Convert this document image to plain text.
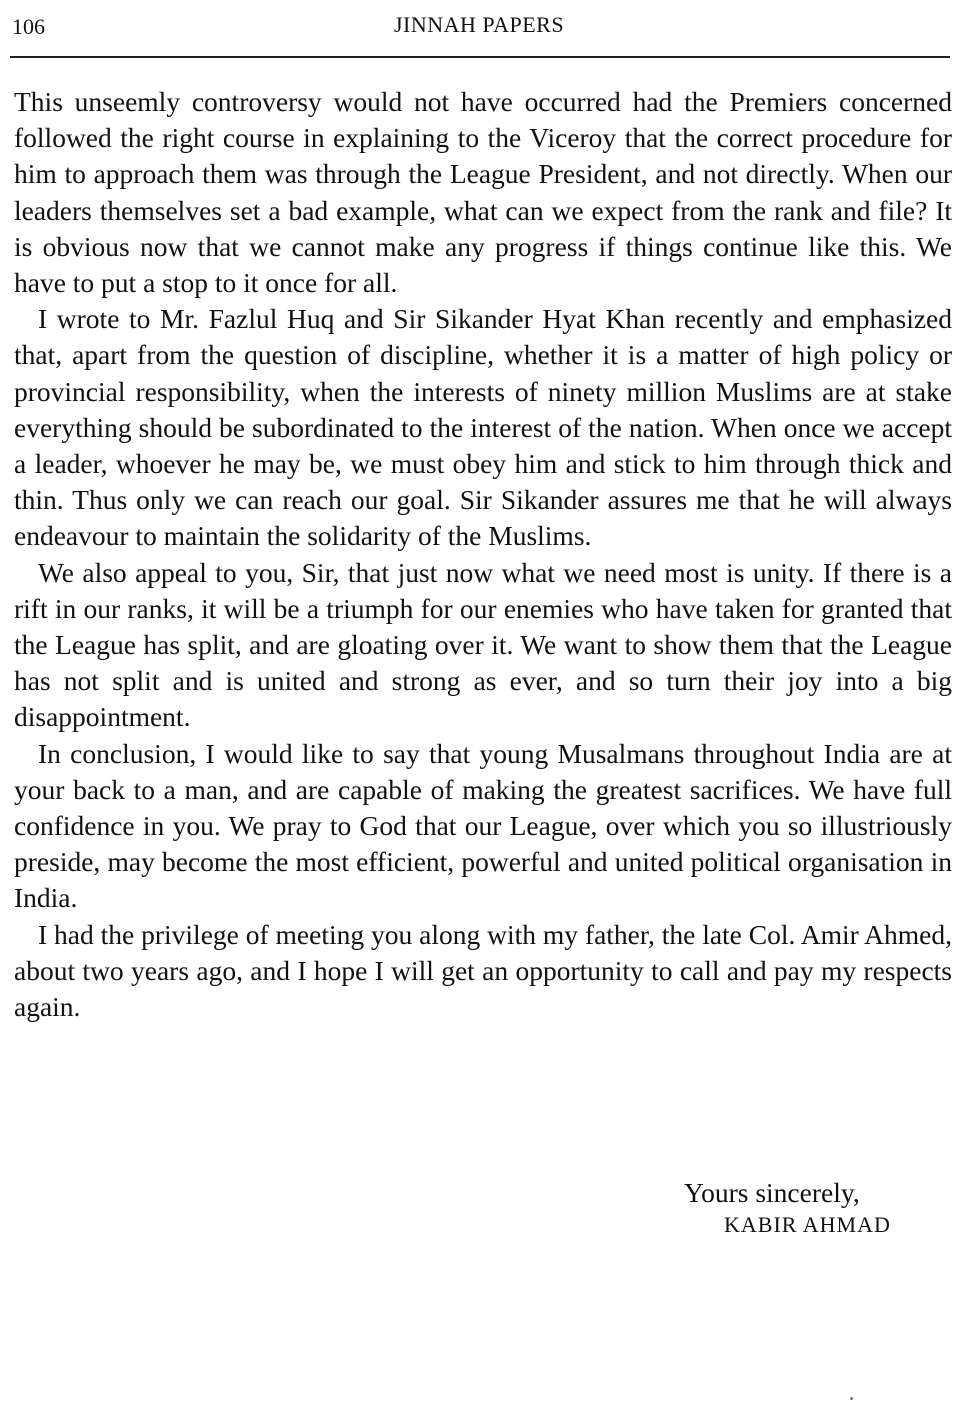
106	JINNAH PAPERS

This unseemly controversy would not have occurred had the Premiers concerned followed the right course in explaining to the Viceroy that the correct procedure for him to approach them was through the League President, and not directly. When our leaders themselves set a bad example, what can we expect from the rank and file? It is obvious now that we cannot make any progress if things continue like this. We have to put a stop to it once for all.

I wrote to Mr. Fazlul Huq and Sir Sikander Hyat Khan recently and emphasized that, apart from the question of discipline, whether it is a matter of high policy or provincial responsibility, when the interests of ninety million Muslims are at stake everything should be subordinated to the interest of the nation. When once we accept a leader, whoever he may be, we must obey him and stick to him through thick and thin. Thus only we can reach our goal. Sir Sikander assures me that he will always endeavour to maintain the solidarity of the Muslims.

We also appeal to you, Sir, that just now what we need most is unity. If there is a rift in our ranks, it will be a triumph for our enemies who have taken for granted that the League has split, and are gloating over it. We want to show them that the League has not split and is united and strong as ever, and so turn their joy into a big disappointment.

In conclusion, I would like to say that young Musalmans throughout India are at your back to a man, and are capable of making the greatest sacrifices. We have full confidence in you. We pray to God that our League, over which you so illustriously preside, may become the most efficient, powerful and united political organisation in India.

I had the privilege of meeting you along with my father, the late Col. Amir Ahmed, about two years ago, and I hope I will get an opportunity to call and pay my respects again.

Yours sincerely,
KABIR AHMAD
